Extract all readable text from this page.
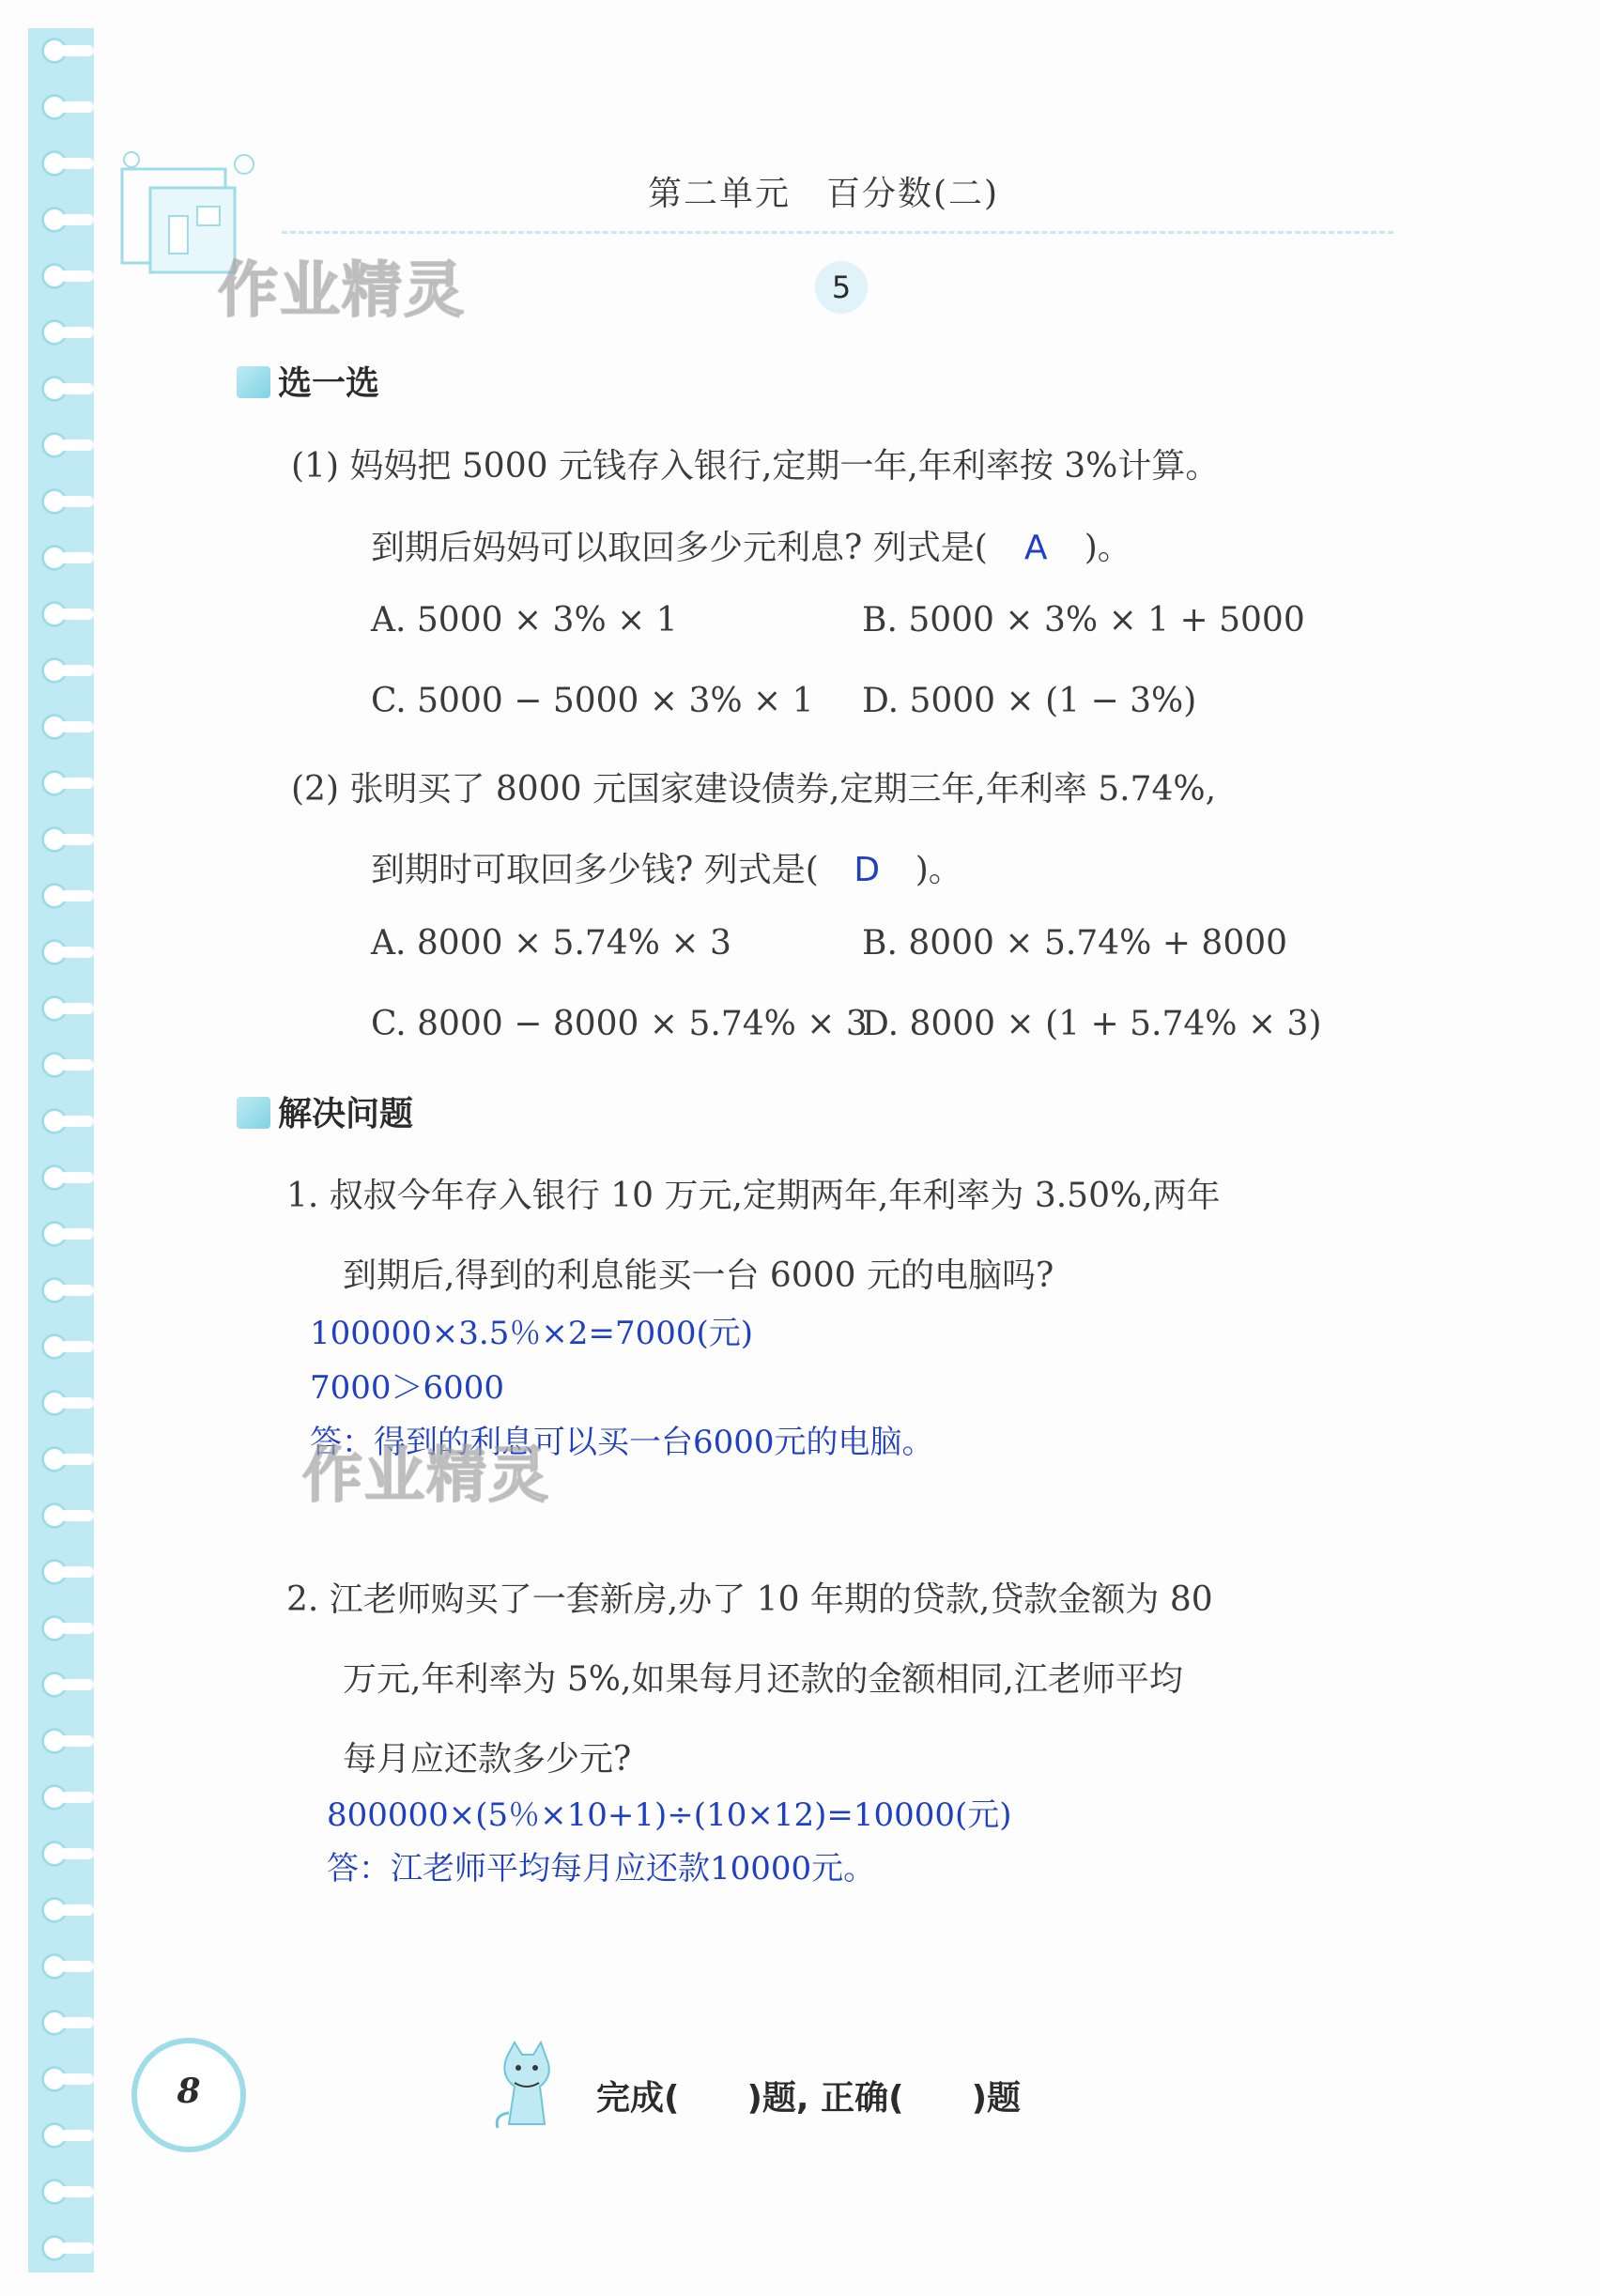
作业精灵
第二单元　百分数(二)
5
选一选
(1) 妈妈把 5000 元钱存入银行,定期一年,年利率按 3%计算。
到期后妈妈可以取回多少元利息? 列式是( A )。
A. 5000 × 3% × 1	B. 5000 × 3% × 1 + 5000
C. 5000 − 5000 × 3% × 1 D. 5000 × (1 − 3%)
(2) 张明买了 8000 元国家建设债券,定期三年,年利率 5.74%,
到期时可取回多少钱? 列式是( D )。
A. 8000 × 5.74% × 3	B. 8000 × 5.74% + 8000
C. 8000 − 8000 × 5.74% × 3
D. 8000 × (1 + 5.74% × 3)
解决问题
1. 叔叔今年存入银行 10 万元,定期两年,年利率为 3.50%,两年
到期后,得到的利息能买一台 6000 元的电脑吗?
100000×3.5％×2=7000(元)
7000＞6000
答：得到的利息可以买一台6000元的电脑。
作业精灵
2. 江老师购买了一套新房,办了 10 年期的贷款,贷款金额为 80
万元,年利率为 5%,如果每月还款的金额相同,江老师平均
每月应还款多少元?
800000×(5％×10+1)÷(10×12)=10000(元)
答：江老师平均每月应还款10000元。
8	完成(　　)题, 正确(　　)题
